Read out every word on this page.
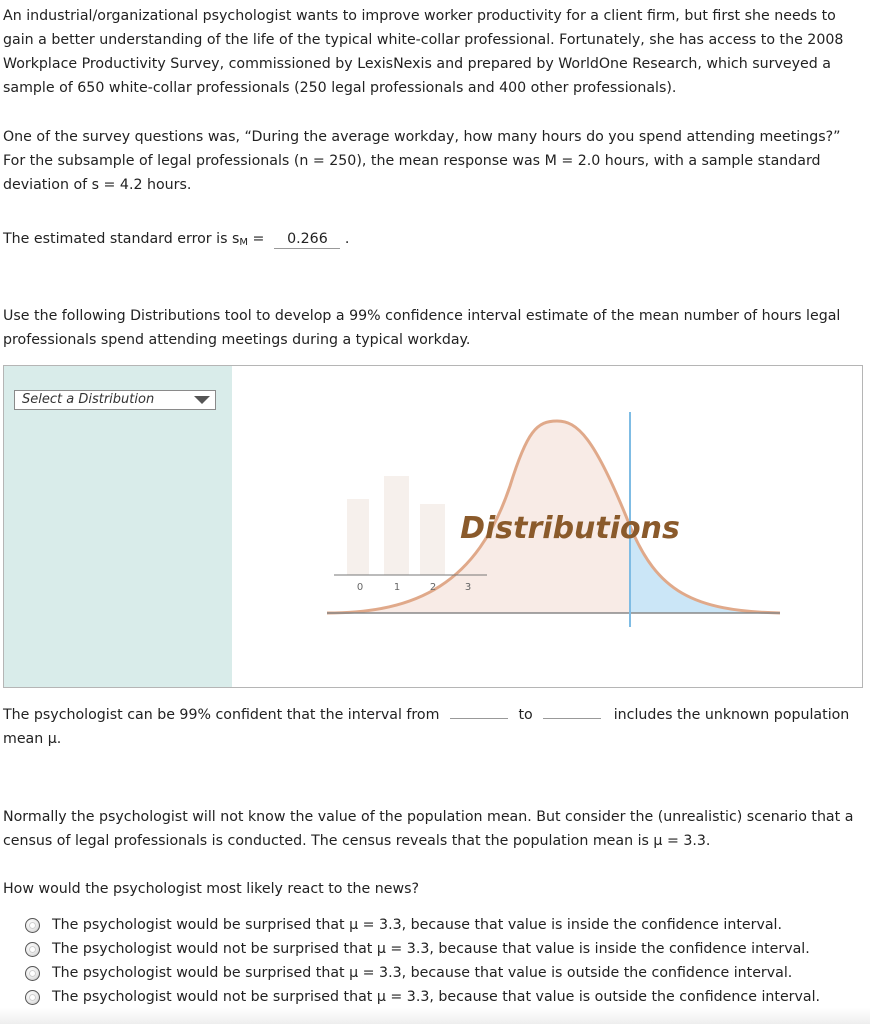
An industrial/organizational psychologist wants to improve worker productivity for a client firm, but first she needs to gain a better understanding of the life of the typical white-collar professional. Fortunately, she has access to the 2008 Workplace Productivity Survey, commissioned by LexisNexis and prepared by WorldOne Research, which surveyed a sample of 650 white-collar professionals (250 legal professionals and 400 other professionals).

One of the survey questions was, “During the average workday, how many hours do you spend attending meetings?” For the subsample of legal professionals (n = 250), the mean response was M = 2.0 hours, with a sample standard deviation of s = 4.2 hours.

The estimated standard error is $s_M = 0.266$ .

Use the following Distributions tool to develop a 99% confidence interval estimate of the mean number of hours legal professionals spend attending meetings during a typical workday.

Select a Distribution
0	1	2	3
Distributions

The psychologist can be 99% confident that the interval from	to	includes the unknown population mean μ.

Normally the psychologist will not know the value of the population mean. But consider the (unrealistic) scenario that a census of legal professionals is conducted. The census reveals that the population mean is μ = 3.3.

How would the psychologist most likely react to the news?

The psychologist would be surprised that μ = 3.3, because that value is inside the confidence interval.
The psychologist would not be surprised that μ = 3.3, because that value is inside the confidence interval.
The psychologist would be surprised that μ = 3.3, because that value is outside the confidence interval.
The psychologist would not be surprised that μ = 3.3, because that value is outside the confidence interval.
